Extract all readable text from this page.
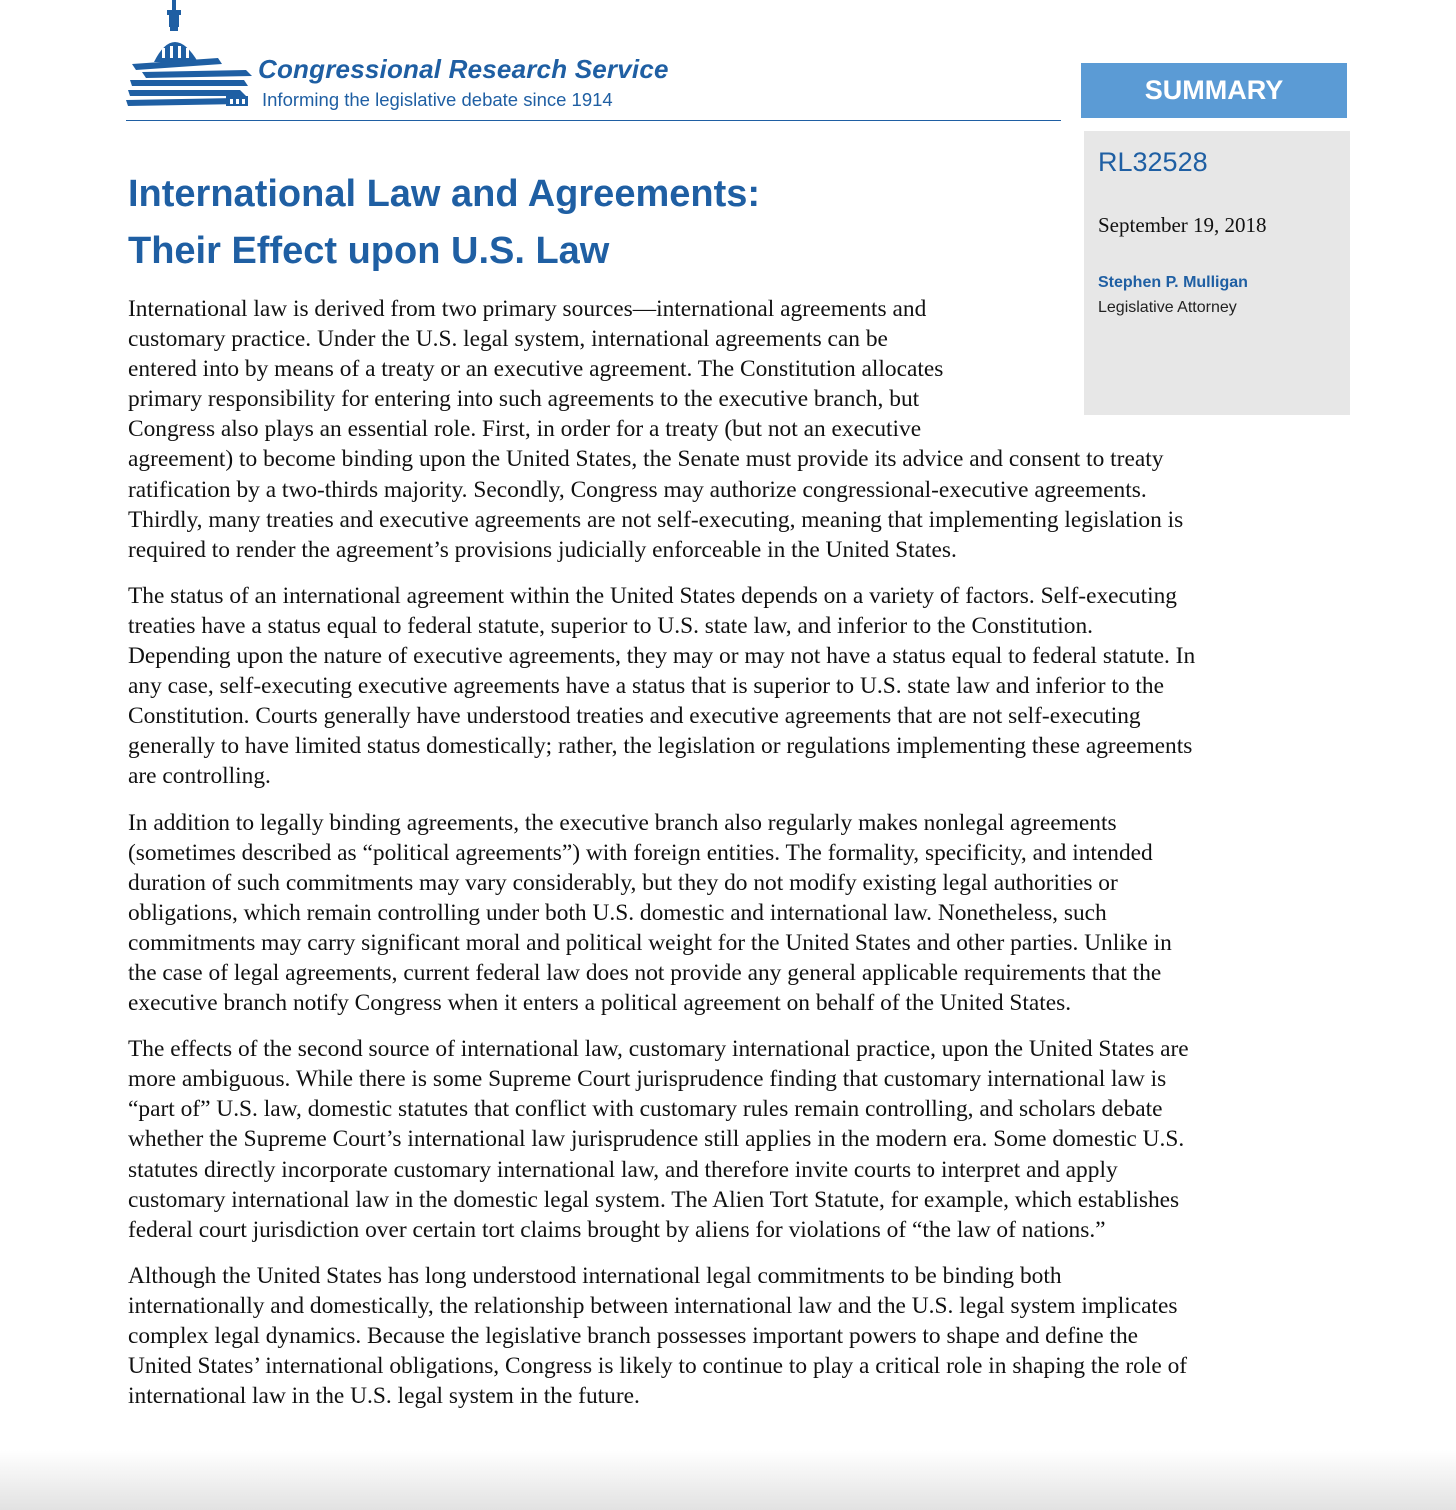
Congressional Research Service
Informing the legislative debate since 1914	SUMMARY
RL32528
September 19, 2018
Stephen P. Mulligan
Legislative Attorney
International Law and Agreements:
Their Effect upon U.S. Law
International law is derived from two primary sources—international agreements and
customary practice. Under the U.S. legal system, international agreements can be
entered into by means of a treaty or an executive agreement. The Constitution allocates
primary responsibility for entering into such agreements to the executive branch, but
Congress also plays an essential role. First, in order for a treaty (but not an executive
agreement) to become binding upon the United States, the Senate must provide its advice and consent to treaty
ratification by a two-thirds majority. Secondly, Congress may authorize congressional-executive agreements.
Thirdly, many treaties and executive agreements are not self-executing, meaning that implementing legislation is
required to render the agreement’s provisions judicially enforceable in the United States.
The status of an international agreement within the United States depends on a variety of factors. Self-executing
treaties have a status equal to federal statute, superior to U.S. state law, and inferior to the Constitution.
Depending upon the nature of executive agreements, they may or may not have a status equal to federal statute. In
any case, self-executing executive agreements have a status that is superior to U.S. state law and inferior to the
Constitution. Courts generally have understood treaties and executive agreements that are not self-executing
generally to have limited status domestically; rather, the legislation or regulations implementing these agreements
are controlling.
In addition to legally binding agreements, the executive branch also regularly makes nonlegal agreements
(sometimes described as “political agreements”) with foreign entities. The formality, specificity, and intended
duration of such commitments may vary considerably, but they do not modify existing legal authorities or
obligations, which remain controlling under both U.S. domestic and international law. Nonetheless, such
commitments may carry significant moral and political weight for the United States and other parties. Unlike in
the case of legal agreements, current federal law does not provide any general applicable requirements that the
executive branch notify Congress when it enters a political agreement on behalf of the United States.
The effects of the second source of international law, customary international practice, upon the United States are
more ambiguous. While there is some Supreme Court jurisprudence finding that customary international law is
“part of” U.S. law, domestic statutes that conflict with customary rules remain controlling, and scholars debate
whether the Supreme Court’s international law jurisprudence still applies in the modern era. Some domestic U.S.
statutes directly incorporate customary international law, and therefore invite courts to interpret and apply
customary international law in the domestic legal system. The Alien Tort Statute, for example, which establishes
federal court jurisdiction over certain tort claims brought by aliens for violations of “the law of nations.”
Although the United States has long understood international legal commitments to be binding both
internationally and domestically, the relationship between international law and the U.S. legal system implicates
complex legal dynamics. Because the legislative branch possesses important powers to shape and define the
United States’ international obligations, Congress is likely to continue to play a critical role in shaping the role of
international law in the U.S. legal system in the future.
